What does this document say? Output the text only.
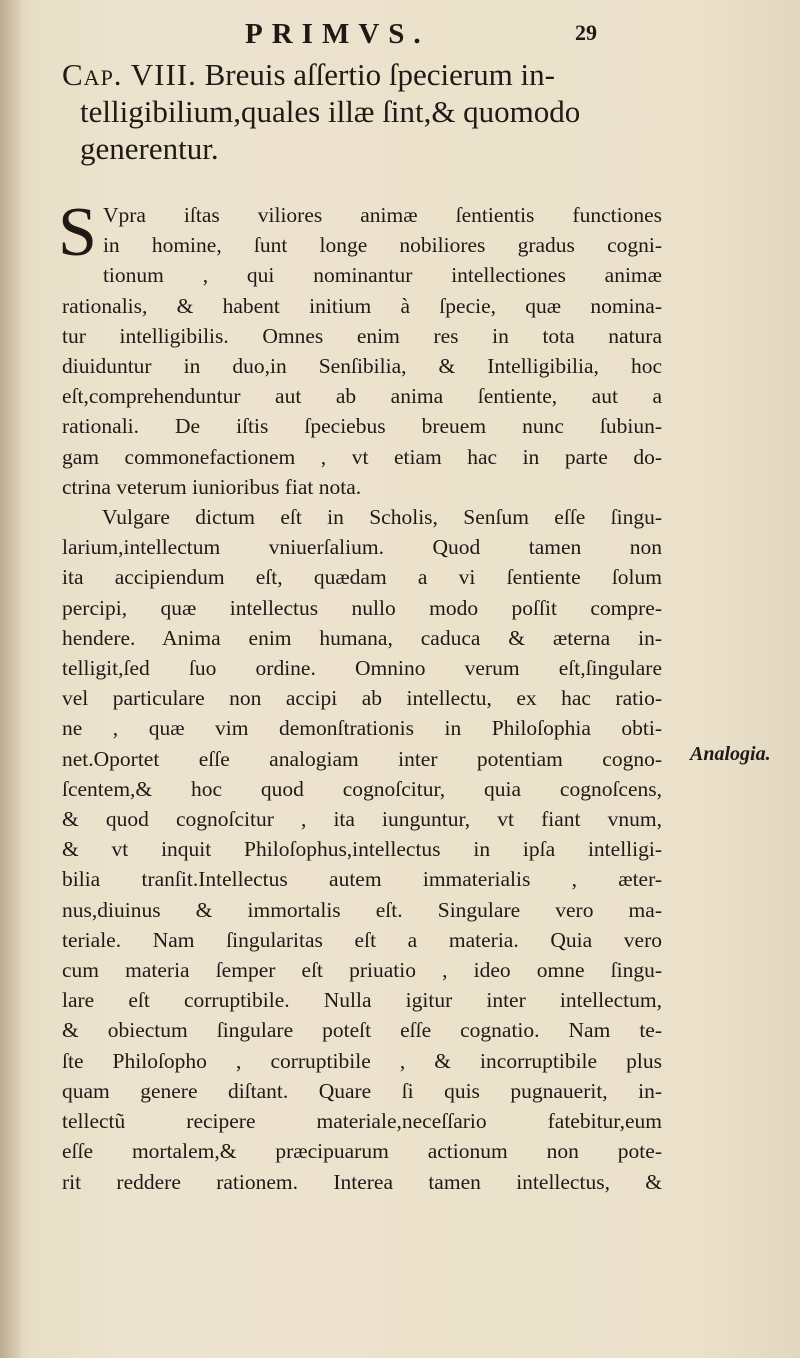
PRIMVS.	29
Cap. VIII. Breuis aſſertio ſpecierum in-
telligibilium,quales illæ ſint,& quomodo
generentur.
S Vpra iſtas viliores animæ ſentientis functiones
in homine, ſunt longe nobiliores gradus cogni-
tionum , qui nominantur intellectiones animæ
rationalis, & habent initium à ſpecie, quæ nomina-
tur intelligibilis. Omnes enim res in tota natura
diuiduntur in duo,in Senſibilia, & Intelligibilia, hoc
eſt,comprehenduntur aut ab anima ſentiente, aut a
rationali. De iſtis ſpeciebus breuem nunc ſubiun-
gam commonefactionem , vt etiam hac in parte do-
ctrina veterum iunioribus fiat nota.
Vulgare dictum eſt in Scholis, Senſum eſſe ſingu-
larium,intellectum vniuerſalium. Quod tamen non
ita accipiendum eſt, quædam a vi ſentiente ſolum
percipi, quæ intellectus nullo modo poſſit compre-
hendere. Anima enim humana, caduca & æterna in-
telligit,ſed ſuo ordine. Omnino verum eſt,ſingulare
vel particulare non accipi ab intellectu, ex hac ratio-
ne , quæ vim demonſtrationis in Philoſophia obti-
net.Oportet eſſe analogiam inter potentiam cogno-
ſcentem,& hoc quod cognoſcitur, quia cognoſcens,
& quod cognoſcitur , ita iunguntur, vt fiant vnum,
& vt inquit Philoſophus,intellectus in ipſa intelligi-
bilia tranſit.Intellectus autem immaterialis , æter-
nus,diuinus & immortalis eſt. Singulare vero ma-
teriale. Nam ſingularitas eſt a materia. Quia vero
cum materia ſemper eſt priuatio , ideo omne ſingu-
lare eſt corruptibile. Nulla igitur inter intellectum,
& obiectum ſingulare poteſt eſſe cognatio. Nam te-
ſte Philoſopho , corruptibile , & incorruptibile plus
quam genere diſtant. Quare ſi quis pugnauerit, in-
tellectũ recipere materiale,neceſſario fatebitur,eum
eſſe mortalem,& præcipuarum actionum non pote-
rit reddere rationem. Interea tamen intellectus, &
Analogia.
